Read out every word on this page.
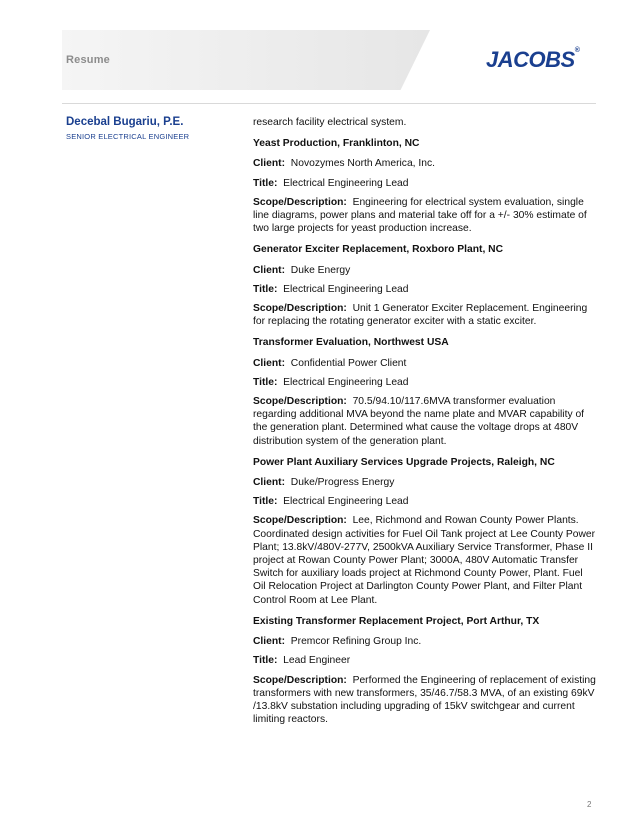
Resume	JACOBS®
Decebal Bugariu, P.E.
SENIOR ELECTRICAL ENGINEER

research facility electrical system.

Yeast Production, Franklinton, NC

Client: Novozymes North America, Inc.

Title: Electrical Engineering Lead

Scope/Description: Engineering for electrical system evaluation, single line diagrams, power plans and material take off for a +/- 30% estimate of two large projects for yeast production increase.

Generator Exciter Replacement, Roxboro Plant, NC

Client: Duke Energy

Title: Electrical Engineering Lead

Scope/Description: Unit 1 Generator Exciter Replacement. Engineering for replacing the rotating generator exciter with a static exciter.

Transformer Evaluation, Northwest USA

Client: Confidential Power Client

Title: Electrical Engineering Lead

Scope/Description: 70.5/94.10/117.6MVA transformer evaluation regarding additional MVA beyond the name plate and MVAR capability of the generation plant. Determined what cause the voltage drops at 480V distribution system of the generation plant.

Power Plant Auxiliary Services Upgrade Projects, Raleigh, NC

Client: Duke/Progress Energy

Title: Electrical Engineering Lead

Scope/Description: Lee, Richmond and Rowan County Power Plants. Coordinated design activities for Fuel Oil Tank project at Lee County Power Plant; 13.8kV/480V-277V, 2500kVA Auxiliary Service Transformer, Phase II project at Rowan County Power Plant; 3000A, 480V Automatic Transfer Switch for auxiliary loads project at Richmond County Power, Plant. Fuel Oil Relocation Project at Darlington County Power Plant, and Filter Plant Control Room at Lee Plant.

Existing Transformer Replacement Project, Port Arthur, TX

Client: Premcor Refining Group Inc.

Title: Lead Engineer

Scope/Description: Performed the Engineering of replacement of existing transformers with new transformers, 35/46.7/58.3 MVA, of an existing 69kV /13.8kV substation including upgrading of 15kV switchgear and current limiting reactors.

2
